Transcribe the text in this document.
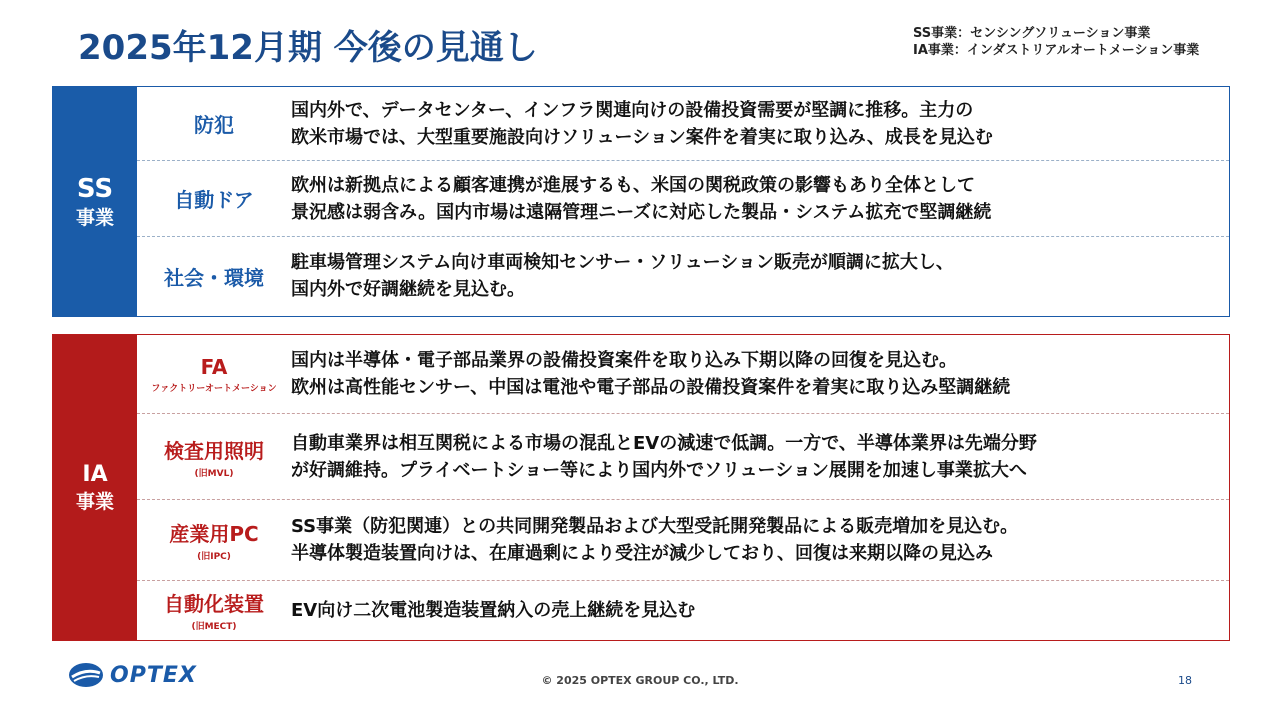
2025年12月期 今後の見通し	SS事業：センシングソリューション事業
IA事業：インダストリアルオートメーション事業
SS
事業
防犯
国内外で、データセンター、インフラ関連向けの設備投資需要が堅調に推移。主力の
欧米市場では、大型重要施設向けソリューション案件を着実に取り込み、成長を見込む
自動ドア
欧州は新拠点による顧客連携が進展するも、米国の関税政策の影響もあり全体として
景況感は弱含み。国内市場は遠隔管理ニーズに対応した製品・システム拡充で堅調継続
社会・環境
駐車場管理システム向け車両検知センサー・ソリューション販売が順調に拡大し、
国内外で好調継続を見込む。
IA
事業
FA
ファクトリーオートメーション
国内は半導体・電子部品業界の設備投資案件を取り込み下期以降の回復を見込む。
欧州は高性能センサー、中国は電池や電子部品の設備投資案件を着実に取り込み堅調継続
検査用照明
(旧MVL)
自動車業界は相互関税による市場の混乱とEVの減速で低調。一方で、半導体業界は先端分野
が好調維持。プライベートショー等により国内外でソリューション展開を加速し事業拡大へ
産業用PC
(旧IPC)
SS事業（防犯関連）との共同開発製品および大型受託開発製品による販売増加を見込む。
半導体製造装置向けは、在庫過剰により受注が減少しており、回復は来期以降の見込み
自動化装置
(旧MECT)
EV向け二次電池製造装置納入の売上継続を見込む
OPTEX	© 2025 OPTEX GROUP CO., LTD.	18
